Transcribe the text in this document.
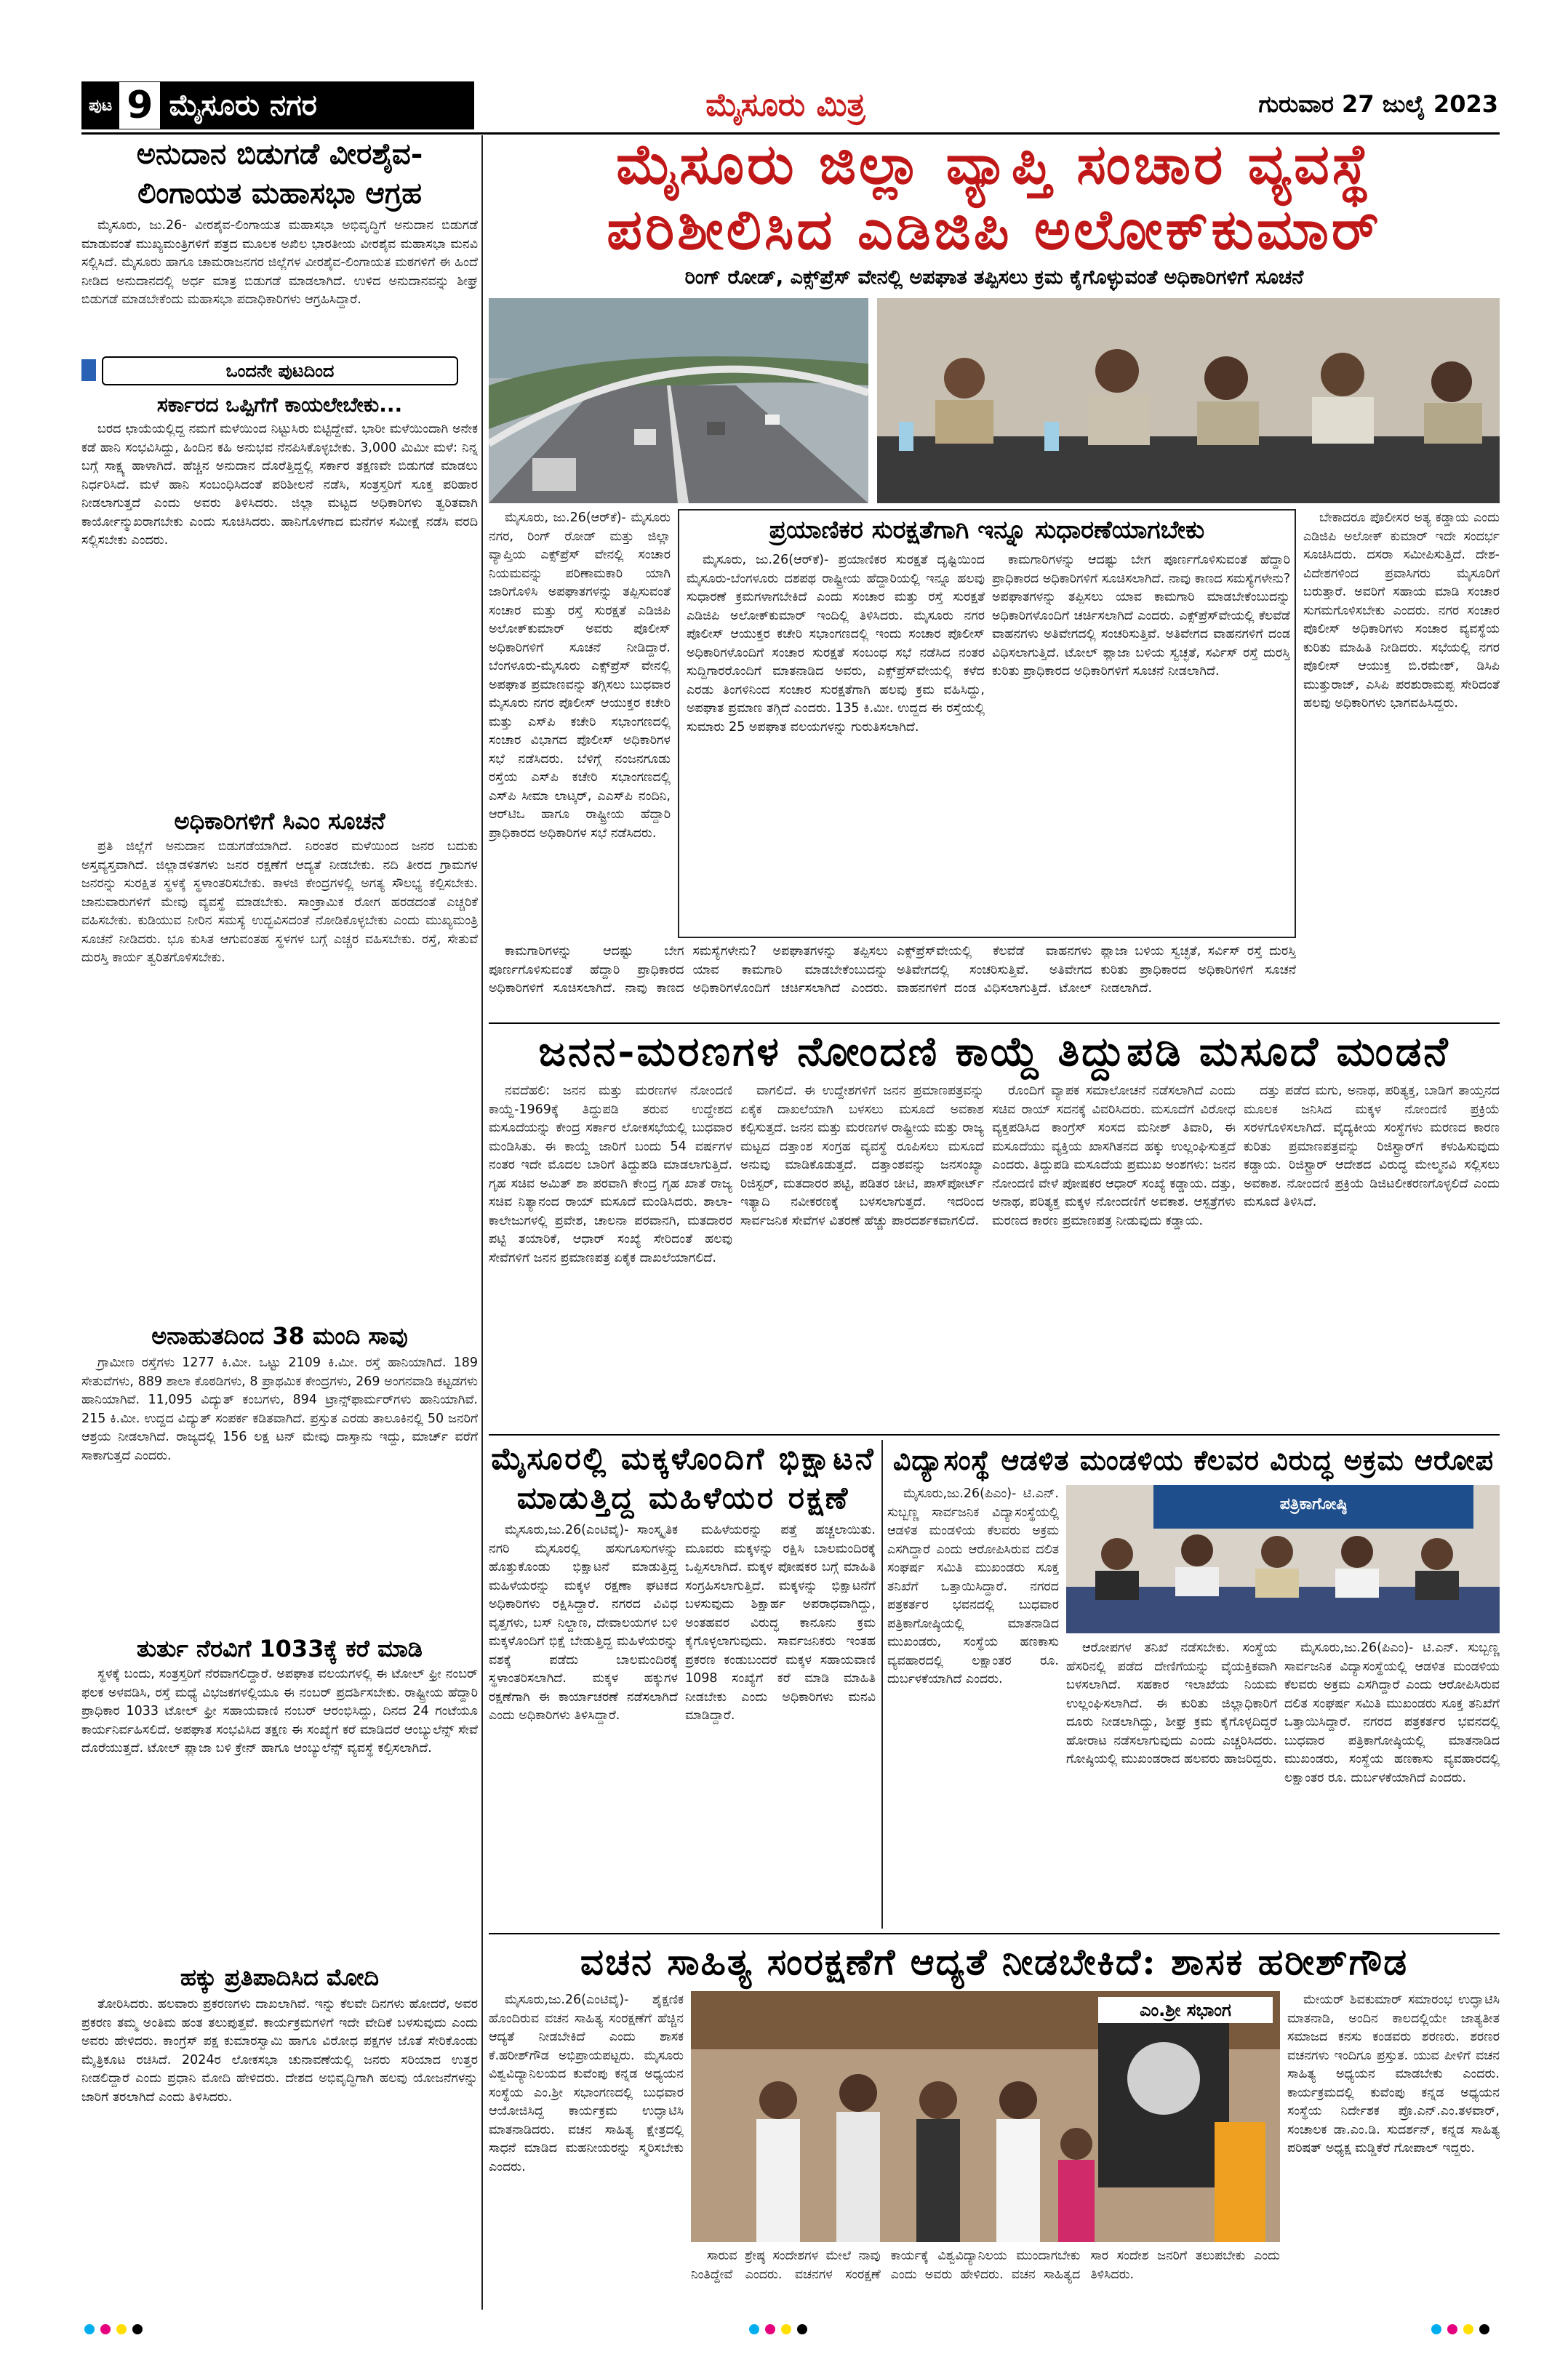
ಪುಟ 9 ಮೈಸೂರು ನಗರ	ಮೈಸೂರು ಮಿತ್ರ	ಗುರುವಾರ 27 ಜುಲೈ 2023
ಅನುದಾನ ಬಿಡುಗಡೆ ವೀರಶೈವ-
ಲಿಂಗಾಯತ ಮಹಾಸಭಾ ಆಗ್ರಹ

ಮೈಸೂರು, ಜು.26- ವೀರಶೈವ-ಲಿಂಗಾಯತ ಮಹಾಸಭಾ ಅಭಿವೃದ್ಧಿಗೆ ಅನುದಾನ ಬಿಡುಗಡೆ ಮಾಡುವಂತೆ ಮುಖ್ಯಮಂತ್ರಿಗಳಿಗೆ ಪತ್ರದ ಮೂಲಕ ಅಖಿಲ ಭಾರತೀಯ ವೀರಶೈವ ಮಹಾಸಭಾ ಮನವಿ ಸಲ್ಲಿಸಿದೆ. ಮೈಸೂರು ಹಾಗೂ ಚಾಮರಾಜನಗರ ಜಿಲ್ಲೆಗಳ ವೀರಶೈವ-ಲಿಂಗಾಯತ ಮಠಗಳಿಗೆ ಈ ಹಿಂದೆ ನೀಡಿದ ಅನುದಾನದಲ್ಲಿ ಅರ್ಧ ಮಾತ್ರ ಬಿಡುಗಡೆ ಮಾಡಲಾಗಿದೆ. ಉಳಿದ ಅನುದಾನವನ್ನು ಶೀಘ್ರ ಬಿಡುಗಡೆ ಮಾಡಬೇಕೆಂದು ಮಹಾಸಭಾ ಪದಾಧಿಕಾರಿಗಳು ಆಗ್ರಹಿಸಿದ್ದಾರೆ.

ಒಂದನೇ ಪುಟದಿಂದ
ಸರ್ಕಾರದ ಒಪ್ಪಿಗೆಗೆ ಕಾಯಲೇಬೇಕು...

ಬರದ ಛಾಯೆಯಲ್ಲಿದ್ದ ನಮಗೆ ಮಳೆಯಿಂದ ನಿಟ್ಟುಸಿರು ಬಿಟ್ಟಿದ್ದೇವೆ. ಭಾರೀ ಮಳೆಯಿಂದಾಗಿ ಅನೇಕ ಕಡೆ ಹಾನಿ ಸಂಭವಿಸಿದ್ದು, ಹಿಂದಿನ ಕಹಿ ಅನುಭವ ನೆನಪಿಸಿಕೊಳ್ಳಬೇಕು. 3,000 ಮಿಮೀ ಮಳೆ: ನಿನ್ನ ಬಗ್ಗೆ ಸಾಕ್ಷ್ಯ ಹಾಳಾಗಿದೆ. ಹೆಚ್ಚಿನ ಅನುದಾನ ದೊರೆತ್ತಿದ್ದಲ್ಲಿ ಸರ್ಕಾರ ತಕ್ಷಣವೇ ಬಿಡುಗಡೆ ಮಾಡಲು ನಿರ್ಧರಿಸಿದೆ. ಮಳೆ ಹಾನಿ ಸಂಬಂಧಿಸಿದಂತೆ ಪರಿಶೀಲನೆ ನಡೆಸಿ, ಸಂತ್ರಸ್ತರಿಗೆ ಸೂಕ್ತ ಪರಿಹಾರ ನೀಡಲಾಗುತ್ತದೆ ಎಂದು ಅವರು ತಿಳಿಸಿದರು. ಜಿಲ್ಲಾ ಮಟ್ಟದ ಅಧಿಕಾರಿಗಳು ತ್ವರಿತವಾಗಿ ಕಾರ್ಯೋನ್ಮುಖರಾಗಬೇಕು ಎಂದು ಸೂಚಿಸಿದರು. ಹಾನಿಗೊಳಗಾದ ಮನೆಗಳ ಸಮೀಕ್ಷೆ ನಡೆಸಿ ವರದಿ ಸಲ್ಲಿಸಬೇಕು ಎಂದರು.

ಅಧಿಕಾರಿಗಳಿಗೆ ಸಿಎಂ ಸೂಚನೆ

ಪ್ರತಿ ಜಿಲ್ಲೆಗೆ ಅನುದಾನ ಬಿಡುಗಡೆಯಾಗಿದೆ. ನಿರಂತರ ಮಳೆಯಿಂದ ಜನರ ಬದುಕು ಅಸ್ತವ್ಯಸ್ತವಾಗಿದೆ. ಜಿಲ್ಲಾಡಳಿತಗಳು ಜನರ ರಕ್ಷಣೆಗೆ ಆದ್ಯತೆ ನೀಡಬೇಕು. ನದಿ ತೀರದ ಗ್ರಾಮಗಳ ಜನರನ್ನು ಸುರಕ್ಷಿತ ಸ್ಥಳಕ್ಕೆ ಸ್ಥಳಾಂತರಿಸಬೇಕು. ಕಾಳಜಿ ಕೇಂದ್ರಗಳಲ್ಲಿ ಅಗತ್ಯ ಸೌಲಭ್ಯ ಕಲ್ಪಿಸಬೇಕು. ಜಾನುವಾರುಗಳಿಗೆ ಮೇವು ವ್ಯವಸ್ಥೆ ಮಾಡಬೇಕು. ಸಾಂಕ್ರಾಮಿಕ ರೋಗ ಹರಡದಂತೆ ಎಚ್ಚರಿಕೆ ವಹಿಸಬೇಕು. ಕುಡಿಯುವ ನೀರಿನ ಸಮಸ್ಯೆ ಉದ್ಭವಿಸದಂತೆ ನೋಡಿಕೊಳ್ಳಬೇಕು ಎಂದು ಮುಖ್ಯಮಂತ್ರಿ ಸೂಚನೆ ನೀಡಿದರು. ಭೂ ಕುಸಿತ ಆಗುವಂತಹ ಸ್ಥಳಗಳ ಬಗ್ಗೆ ಎಚ್ಚರ ವಹಿಸಬೇಕು. ರಸ್ತೆ, ಸೇತುವೆ ದುರಸ್ತಿ ಕಾರ್ಯ ತ್ವರಿತಗೊಳಿಸಬೇಕು.

ಅನಾಹುತದಿಂದ 38 ಮಂದಿ ಸಾವು

ಗ್ರಾಮೀಣ ರಸ್ತೆಗಳು 1277 ಕಿ.ಮೀ. ಒಟ್ಟು 2109 ಕಿ.ಮೀ. ರಸ್ತೆ ಹಾನಿಯಾಗಿದೆ. 189 ಸೇತುವೆಗಳು, 889 ಶಾಲಾ ಕೊಠಡಿಗಳು, 8 ಪ್ರಾಥಮಿಕ ಕೇಂದ್ರಗಳು, 269 ಅಂಗನವಾಡಿ ಕಟ್ಟಡಗಳು ಹಾನಿಯಾಗಿವೆ. 11,095 ವಿದ್ಯುತ್ ಕಂಬಗಳು, 894 ಟ್ರಾನ್ಸ್‌ಫಾರ್ಮರ್‌ಗಳು ಹಾನಿಯಾಗಿವೆ. 215 ಕಿ.ಮೀ. ಉದ್ದದ ವಿದ್ಯುತ್ ಸಂಪರ್ಕ ಕಡಿತವಾಗಿದೆ. ಪ್ರಸ್ತುತ ಎರಡು ತಾಲೂಕಿನಲ್ಲಿ 50 ಜನರಿಗೆ ಆಶ್ರಯ ನೀಡಲಾಗಿದೆ. ರಾಜ್ಯದಲ್ಲಿ 156 ಲಕ್ಷ ಟನ್ ಮೇವು ದಾಸ್ತಾನು ಇದ್ದು, ಮಾರ್ಚ್ ವರೆಗೆ ಸಾಕಾಗುತ್ತದೆ ಎಂದರು.

ತುರ್ತು ನೆರವಿಗೆ 1033ಕ್ಕೆ ಕರೆ ಮಾಡಿ

ಸ್ಥಳಕ್ಕೆ ಬಂದು, ಸಂತ್ರಸ್ತರಿಗೆ ನೆರವಾಗಲಿದ್ದಾರೆ. ಅಪಘಾತ ವಲಯಗಳಲ್ಲಿ ಈ ಟೋಲ್ ಫ್ರೀ ನಂಬರ್ ಫಲಕ ಅಳವಡಿಸಿ, ರಸ್ತೆ ಮಧ್ಯೆ ವಿಭಜಕಗಳಲ್ಲಿಯೂ ಈ ನಂಬರ್ ಪ್ರದರ್ಶಿಸಬೇಕು. ರಾಷ್ಟ್ರೀಯ ಹೆದ್ದಾರಿ ಪ್ರಾಧಿಕಾರ 1033 ಟೋಲ್ ಫ್ರೀ ಸಹಾಯವಾಣಿ ನಂಬರ್ ಆರಂಭಿಸಿದ್ದು, ದಿನದ 24 ಗಂಟೆಯೂ ಕಾರ್ಯನಿರ್ವಹಿಸಲಿದೆ. ಅಪಘಾತ ಸಂಭವಿಸಿದ ತಕ್ಷಣ ಈ ಸಂಖ್ಯೆಗೆ ಕರೆ ಮಾಡಿದರೆ ಆಂಬ್ಯುಲೆನ್ಸ್ ಸೇವೆ ದೊರೆಯುತ್ತದೆ. ಟೋಲ್ ಪ್ಲಾಜಾ ಬಳಿ ಕ್ರೇನ್ ಹಾಗೂ ಆಂಬ್ಯುಲೆನ್ಸ್ ವ್ಯವಸ್ಥೆ ಕಲ್ಪಿಸಲಾಗಿದೆ.

ಹಕ್ಕು ಪ್ರತಿಪಾದಿಸಿದ ಮೋದಿ

ತೋರಿಸಿದರು. ಹಲವಾರು ಪ್ರಕರಣಗಳು ದಾಖಲಾಗಿವೆ. ಇನ್ನು ಕೆಲವೇ ದಿನಗಳು ಹೋದರೆ, ಅವರ ಪ್ರಕರಣ ತಮ್ಮ ಅಂತಿಮ ಹಂತ ತಲುಪುತ್ತವೆ. ಕಾರ್ಯಕ್ರಮಗಳಿಗೆ ಇದೇ ವೇದಿಕೆ ಬಳಸುವುದು ಎಂದು ಅವರು ಹೇಳಿದರು. ಕಾಂಗ್ರೆಸ್ ಪಕ್ಷ ಕುಮಾರಸ್ವಾಮಿ ಹಾಗೂ ವಿರೋಧ ಪಕ್ಷಗಳ ಜೊತೆ ಸೇರಿಕೊಂಡು ಮೈತ್ರಿಕೂಟ ರಚಿಸಿದೆ. 2024ರ ಲೋಕಸಭಾ ಚುನಾವಣೆಯಲ್ಲಿ ಜನರು ಸರಿಯಾದ ಉತ್ತರ ನೀಡಲಿದ್ದಾರೆ ಎಂದು ಪ್ರಧಾನಿ ಮೋದಿ ಹೇಳಿದರು. ದೇಶದ ಅಭಿವೃದ್ಧಿಗಾಗಿ ಹಲವು ಯೋಜನೆಗಳನ್ನು ಜಾರಿಗೆ ತರಲಾಗಿದೆ ಎಂದು ತಿಳಿಸಿದರು.

ಮೈಸೂರು ಜಿಲ್ಲಾ ವ್ಯಾಪ್ತಿ ಸಂಚಾರ ವ್ಯವಸ್ಥೆ
ಪರಿಶೀಲಿಸಿದ ಎಡಿಜಿಪಿ ಅಲೋಕ್‌ಕುಮಾರ್
ರಿಂಗ್ ರೋಡ್, ಎಕ್ಸ್‌ಪ್ರೆಸ್ ವೇನಲ್ಲಿ ಅಪಘಾತ ತಪ್ಪಿಸಲು ಕ್ರಮ ಕೈಗೊಳ್ಳುವಂತೆ ಅಧಿಕಾರಿಗಳಿಗೆ ಸೂಚನೆ

ಮೈಸೂರು, ಜು.26(ಆರ್‌ಕೆ)- ಮೈಸೂರು ನಗರ, ರಿಂಗ್ ರೋಡ್ ಮತ್ತು ಜಿಲ್ಲಾ ವ್ಯಾಪ್ತಿಯ ಎಕ್ಸ್‌ಪ್ರೆಸ್ ವೇನಲ್ಲಿ ಸಂಚಾರ ನಿಯಮವನ್ನು ಪರಿಣಾಮಕಾರಿ ಯಾಗಿ ಜಾರಿಗೊಳಿಸಿ ಅಪಘಾತಗಳನ್ನು ತಪ್ಪಿಸುವಂತೆ ಸಂಚಾರ ಮತ್ತು ರಸ್ತೆ ಸುರಕ್ಷತೆ ಎಡಿಜಿಪಿ ಅಲೋಕ್‌ಕುಮಾರ್ ಅವರು ಪೊಲೀಸ್ ಅಧಿಕಾರಿಗಳಿಗೆ ಸೂಚನೆ ನೀಡಿದ್ದಾರೆ. ಬೆಂಗಳೂರು-ಮೈಸೂರು ಎಕ್ಸ್‌ಪ್ರೆಸ್ ವೇನಲ್ಲಿ ಅಪಘಾತ ಪ್ರಮಾಣವನ್ನು ತಗ್ಗಿಸಲು ಬುಧವಾರ ಮೈಸೂರು ನಗರ ಪೊಲೀಸ್ ಆಯುಕ್ತರ ಕಚೇರಿ ಮತ್ತು ಎಸ್‌ಪಿ ಕಚೇರಿ ಸಭಾಂಗಣದಲ್ಲಿ ಸಂಚಾರ ವಿಭಾಗದ ಪೊಲೀಸ್ ಅಧಿಕಾರಿಗಳ ಸಭೆ ನಡೆಸಿದರು. ಬೆಳಿಗ್ಗೆ ನಂಜನಗೂಡು ರಸ್ತೆಯ ಎಸ್‌ಪಿ ಕಚೇರಿ ಸಭಾಂಗಣದಲ್ಲಿ ಎಸ್‌ಪಿ ಸೀಮಾ ಲಾಟ್ಕರ್, ಎಎಸ್‌ಪಿ ನಂದಿನಿ, ಆರ್‌ಟಿಒ ಹಾಗೂ ರಾಷ್ಟ್ರೀಯ ಹೆದ್ದಾರಿ ಪ್ರಾಧಿಕಾರದ ಅಧಿಕಾರಿಗಳ ಸಭೆ ನಡೆಸಿದರು.

ಪ್ರಯಾಣಿಕರ ಸುರಕ್ಷತೆಗಾಗಿ ಇನ್ನೂ ಸುಧಾರಣೆಯಾಗಬೇಕು

ಮೈಸೂರು, ಜು.26(ಆರ್‌ಕೆ)- ಪ್ರಯಾಣಿಕರ ಸುರಕ್ಷತೆ ದೃಷ್ಟಿಯಿಂದ ಮೈಸೂರು-ಬೆಂಗಳೂರು ದಶಪಥ ರಾಷ್ಟ್ರೀಯ ಹೆದ್ದಾರಿಯಲ್ಲಿ ಇನ್ನೂ ಹಲವು ಸುಧಾರಣೆ ಕ್ರಮಗಳಾಗಬೇಕಿದೆ ಎಂದು ಸಂಚಾರ ಮತ್ತು ರಸ್ತೆ ಸುರಕ್ಷತೆ ಎಡಿಜಿಪಿ ಅಲೋಕ್‌ಕುಮಾರ್ ಇಂದಿಲ್ಲಿ ತಿಳಿಸಿದರು. ಮೈಸೂರು ನಗರ ಪೊಲೀಸ್ ಆಯುಕ್ತರ ಕಚೇರಿ ಸಭಾಂಗಣದಲ್ಲಿ ಇಂದು ಸಂಚಾರ ಪೊಲೀಸ್ ಅಧಿಕಾರಿಗಳೊಂದಿಗೆ ಸಂಚಾರ ಸುರಕ್ಷತೆ ಸಂಬಂಧ ಸಭೆ ನಡೆಸಿದ ನಂತರ ಸುದ್ದಿಗಾರರೊಂದಿಗೆ ಮಾತನಾಡಿದ ಅವರು, ಎಕ್ಸ್‌ಪ್ರೆಸ್‌ವೇಯಲ್ಲಿ ಕಳೆದ ಎರಡು ತಿಂಗಳಿನಿಂದ ಸಂಚಾರ ಸುರಕ್ಷತೆಗಾಗಿ ಹಲವು ಕ್ರಮ ವಹಿಸಿದ್ದು, ಅಪಘಾತ ಪ್ರಮಾಣ ತಗ್ಗಿದೆ ಎಂದರು. 135 ಕಿ.ಮೀ. ಉದ್ದದ ಈ ರಸ್ತೆಯಲ್ಲಿ ಸುಮಾರು 25 ಅಪಘಾತ ವಲಯಗಳನ್ನು ಗುರುತಿಸಲಾಗಿದೆ.

ಕಾಮಗಾರಿಗಳನ್ನು ಆದಷ್ಟು ಬೇಗ ಪೂರ್ಣಗೊಳಿಸುವಂತೆ ಹೆದ್ದಾರಿ ಪ್ರಾಧಿಕಾರದ ಅಧಿಕಾರಿಗಳಿಗೆ ಸೂಚಿಸಲಾಗಿದೆ. ನಾವು ಕಾಣದ ಸಮಸ್ಯೆಗಳೇನು? ಅಪಘಾತಗಳನ್ನು ತಪ್ಪಿಸಲು ಯಾವ ಕಾಮಗಾರಿ ಮಾಡಬೇಕೆಂಬುದನ್ನು ಅಧಿಕಾರಿಗಳೊಂದಿಗೆ ಚರ್ಚಿಸಲಾಗಿದೆ ಎಂದರು. ಎಕ್ಸ್‌ಪ್ರೆಸ್‌ವೇಯಲ್ಲಿ ಕೆಲವೆಡೆ ವಾಹನಗಳು ಅತಿವೇಗದಲ್ಲಿ ಸಂಚರಿಸುತ್ತಿವೆ. ಅತಿವೇಗದ ವಾಹನಗಳಿಗೆ ದಂಡ ವಿಧಿಸಲಾಗುತ್ತಿದೆ. ಟೋಲ್ ಪ್ಲಾಜಾ ಬಳಿಯ ಸ್ವಚ್ಛತೆ, ಸರ್ವಿಸ್ ರಸ್ತೆ ದುರಸ್ತಿ ಕುರಿತು ಪ್ರಾಧಿಕಾರದ ಅಧಿಕಾರಿಗಳಿಗೆ ಸೂಚನೆ ನೀಡಲಾಗಿದೆ.

ಬೇಕಾದರೂ ಪೊಲೀಸರ ಅತ್ಯ ಕಡ್ಡಾಯ ಎಂದು ಎಡಿಜಿಪಿ ಅಲೋಕ್ ಕುಮಾರ್ ಇದೇ ಸಂದರ್ಭ ಸೂಚಿಸಿದರು. ದಸರಾ ಸಮೀಪಿಸುತ್ತಿದೆ. ದೇಶ-ವಿದೇಶಗಳಿಂದ ಪ್ರವಾಸಿಗರು ಮೈಸೂರಿಗೆ ಬರುತ್ತಾರೆ. ಅವರಿಗೆ ಸಹಾಯ ಮಾಡಿ ಸಂಚಾರ ಸುಗಮಗೊಳಿಸಬೇಕು ಎಂದರು. ನಗರ ಸಂಚಾರ ಪೊಲೀಸ್ ಅಧಿಕಾರಿಗಳು ಸಂಚಾರ ವ್ಯವಸ್ಥೆಯ ಕುರಿತು ಮಾಹಿತಿ ನೀಡಿದರು. ಸಭೆಯಲ್ಲಿ ನಗರ ಪೊಲೀಸ್ ಆಯುಕ್ತ ಬಿ.ರಮೇಶ್, ಡಿಸಿಪಿ ಮುತ್ತುರಾಜ್, ಎಸಿಪಿ ಪರಶುರಾಮಪ್ಪ ಸೇರಿದಂತೆ ಹಲವು ಅಧಿಕಾರಿಗಳು ಭಾಗವಹಿಸಿದ್ದರು.

ಕಾಮಗಾರಿಗಳನ್ನು ಆದಷ್ಟು ಬೇಗ ಪೂರ್ಣಗೊಳಿಸುವಂತೆ ಹೆದ್ದಾರಿ ಪ್ರಾಧಿಕಾರದ ಅಧಿಕಾರಿಗಳಿಗೆ ಸೂಚಿಸಲಾಗಿದೆ. ನಾವು ಕಾಣದ ಸಮಸ್ಯೆಗಳೇನು? ಅಪಘಾತಗಳನ್ನು ತಪ್ಪಿಸಲು ಯಾವ ಕಾಮಗಾರಿ ಮಾಡಬೇಕೆಂಬುದನ್ನು ಅಧಿಕಾರಿಗಳೊಂದಿಗೆ ಚರ್ಚಿಸಲಾಗಿದೆ ಎಂದರು. ಎಕ್ಸ್‌ಪ್ರೆಸ್‌ವೇಯಲ್ಲಿ ಕೆಲವೆಡೆ ವಾಹನಗಳು ಅತಿವೇಗದಲ್ಲಿ ಸಂಚರಿಸುತ್ತಿವೆ. ಅತಿವೇಗದ ವಾಹನಗಳಿಗೆ ದಂಡ ವಿಧಿಸಲಾಗುತ್ತಿದೆ. ಟೋಲ್ ಪ್ಲಾಜಾ ಬಳಿಯ ಸ್ವಚ್ಛತೆ, ಸರ್ವಿಸ್ ರಸ್ತೆ ದುರಸ್ತಿ ಕುರಿತು ಪ್ರಾಧಿಕಾರದ ಅಧಿಕಾರಿಗಳಿಗೆ ಸೂಚನೆ ನೀಡಲಾಗಿದೆ.

ಜನನ-ಮರಣಗಳ ನೋಂದಣಿ ಕಾಯ್ದೆ ತಿದ್ದುಪಡಿ ಮಸೂದೆ ಮಂಡನೆ

ನವದೆಹಲಿ: ಜನನ ಮತ್ತು ಮರಣಗಳ ನೋಂದಣಿ ಕಾಯ್ದೆ-1969ಕ್ಕೆ ತಿದ್ದುಪಡಿ ತರುವ ಉದ್ದೇಶದ ಮಸೂದೆಯನ್ನು ಕೇಂದ್ರ ಸರ್ಕಾರ ಲೋಕಸಭೆಯಲ್ಲಿ ಬುಧವಾರ ಮಂಡಿಸಿತು. ಈ ಕಾಯ್ದೆ ಜಾರಿಗೆ ಬಂದು 54 ವರ್ಷಗಳ ನಂತರ ಇದೇ ಮೊದಲ ಬಾರಿಗೆ ತಿದ್ದುಪಡಿ ಮಾಡಲಾಗುತ್ತಿದೆ. ಗೃಹ ಸಚಿವ ಅಮಿತ್ ಶಾ ಪರವಾಗಿ ಕೇಂದ್ರ ಗೃಹ ಖಾತೆ ರಾಜ್ಯ ಸಚಿವ ನಿತ್ಯಾನಂದ ರಾಯ್ ಮಸೂದೆ ಮಂಡಿಸಿದರು. ಶಾಲಾ-ಕಾಲೇಜುಗಳಲ್ಲಿ ಪ್ರವೇಶ, ಚಾಲನಾ ಪರವಾನಗಿ, ಮತದಾರರ ಪಟ್ಟಿ ತಯಾರಿಕೆ, ಆಧಾರ್ ಸಂಖ್ಯೆ ಸೇರಿದಂತೆ ಹಲವು ಸೇವೆಗಳಿಗೆ ಜನನ ಪ್ರಮಾಣಪತ್ರ ಏಕೈಕ ದಾಖಲೆಯಾಗಲಿದೆ.

ವಾಗಲಿದೆ. ಈ ಉದ್ದೇಶಗಳಿಗೆ ಜನನ ಪ್ರಮಾಣಪತ್ರವನ್ನು ಏಕೈಕ ದಾಖಲೆಯಾಗಿ ಬಳಸಲು ಮಸೂದೆ ಅವಕಾಶ ಕಲ್ಪಿಸುತ್ತದೆ. ಜನನ ಮತ್ತು ಮರಣಗಳ ರಾಷ್ಟ್ರೀಯ ಮತ್ತು ರಾಜ್ಯ ಮಟ್ಟದ ದತ್ತಾಂಶ ಸಂಗ್ರಹ ವ್ಯವಸ್ಥೆ ರೂಪಿಸಲು ಮಸೂದೆ ಅನುವು ಮಾಡಿಕೊಡುತ್ತದೆ. ದತ್ತಾಂಶವನ್ನು ಜನಸಂಖ್ಯಾ ರಿಜಿಸ್ಟರ್, ಮತದಾರರ ಪಟ್ಟಿ, ಪಡಿತರ ಚೀಟಿ, ಪಾಸ್‌ಪೋರ್ಟ್ ಇತ್ಯಾದಿ ನವೀಕರಣಕ್ಕೆ ಬಳಸಲಾಗುತ್ತದೆ. ಇದರಿಂದ ಸಾರ್ವಜನಿಕ ಸೇವೆಗಳ ವಿತರಣೆ ಹೆಚ್ಚು ಪಾರದರ್ಶಕವಾಗಲಿದೆ.

ರೊಂದಿಗೆ ವ್ಯಾಪಕ ಸಮಾಲೋಚನೆ ನಡೆಸಲಾಗಿದೆ ಎಂದು ಸಚಿವ ರಾಯ್ ಸದನಕ್ಕೆ ವಿವರಿಸಿದರು. ಮಸೂದೆಗೆ ವಿರೋಧ ವ್ಯಕ್ತಪಡಿಸಿದ ಕಾಂಗ್ರೆಸ್ ಸಂಸದ ಮನೀಶ್ ತಿವಾರಿ, ಈ ಮಸೂದೆಯು ವ್ಯಕ್ತಿಯ ಖಾಸಗಿತನದ ಹಕ್ಕು ಉಲ್ಲಂಘಿಸುತ್ತದೆ ಎಂದರು. ತಿದ್ದುಪಡಿ ಮಸೂದೆಯ ಪ್ರಮುಖ ಅಂಶಗಳು: ಜನನ ನೋಂದಣಿ ವೇಳೆ ಪೋಷಕರ ಆಧಾರ್ ಸಂಖ್ಯೆ ಕಡ್ಡಾಯ. ದತ್ತು, ಅನಾಥ, ಪರಿತ್ಯಕ್ತ ಮಕ್ಕಳ ನೋಂದಣಿಗೆ ಅವಕಾಶ. ಆಸ್ಪತ್ರೆಗಳು ಮರಣದ ಕಾರಣ ಪ್ರಮಾಣಪತ್ರ ನೀಡುವುದು ಕಡ್ಡಾಯ.

ದತ್ತು ಪಡೆದ ಮಗು, ಅನಾಥ, ಪರಿತ್ಯಕ್ತ, ಬಾಡಿಗೆ ತಾಯ್ತನದ ಮೂಲಕ ಜನಿಸಿದ ಮಕ್ಕಳ ನೋಂದಣಿ ಪ್ರಕ್ರಿಯೆ ಸರಳಗೊಳಿಸಲಾಗಿದೆ. ವೈದ್ಯಕೀಯ ಸಂಸ್ಥೆಗಳು ಮರಣದ ಕಾರಣ ಕುರಿತು ಪ್ರಮಾಣಪತ್ರವನ್ನು ರಿಜಿಸ್ಟ್ರಾರ್‌ಗೆ ಕಳುಹಿಸುವುದು ಕಡ್ಡಾಯ. ರಿಜಿಸ್ಟ್ರಾರ್ ಆದೇಶದ ವಿರುದ್ಧ ಮೇಲ್ಮನವಿ ಸಲ್ಲಿಸಲು ಅವಕಾಶ. ನೋಂದಣಿ ಪ್ರಕ್ರಿಯೆ ಡಿಜಿಟಲೀಕರಣಗೊಳ್ಳಲಿದೆ ಎಂದು ಮಸೂದೆ ತಿಳಿಸಿದೆ.

ಮೈಸೂರಲ್ಲಿ ಮಕ್ಕಳೊಂದಿಗೆ ಭಿಕ್ಷಾಟನೆ
ಮಾಡುತ್ತಿದ್ದ ಮಹಿಳೆಯರ ರಕ್ಷಣೆ

ಮೈಸೂರು,ಜು.26(ಎಂಟಿವೈ)- ಸಾಂಸ್ಕೃತಿಕ ನಗರಿ ಮೈಸೂರಲ್ಲಿ ಹಸುಗೂಸುಗಳನ್ನು ಹೊತ್ತುಕೊಂಡು ಭಿಕ್ಷಾಟನೆ ಮಾಡುತ್ತಿದ್ದ ಮಹಿಳೆಯರನ್ನು ಮಕ್ಕಳ ರಕ್ಷಣಾ ಘಟಕದ ಅಧಿಕಾರಿಗಳು ರಕ್ಷಿಸಿದ್ದಾರೆ. ನಗರದ ವಿವಿಧ ವೃತ್ತಗಳು, ಬಸ್ ನಿಲ್ದಾಣ, ದೇವಾಲಯಗಳ ಬಳಿ ಮಕ್ಕಳೊಂದಿಗೆ ಭಿಕ್ಷೆ ಬೇಡುತ್ತಿದ್ದ ಮಹಿಳೆಯರನ್ನು ವಶಕ್ಕೆ ಪಡೆದು ಬಾಲಮಂದಿರಕ್ಕೆ ಸ್ಥಳಾಂತರಿಸಲಾಗಿದೆ. ಮಕ್ಕಳ ಹಕ್ಕುಗಳ ರಕ್ಷಣೆಗಾಗಿ ಈ ಕಾರ್ಯಾಚರಣೆ ನಡೆಸಲಾಗಿದೆ ಎಂದು ಅಧಿಕಾರಿಗಳು ತಿಳಿಸಿದ್ದಾರೆ.

ಮಹಿಳೆಯರನ್ನು ಪತ್ತೆ ಹಚ್ಚಲಾಯಿತು. ಮೂವರು ಮಕ್ಕಳನ್ನು ರಕ್ಷಿಸಿ ಬಾಲಮಂದಿರಕ್ಕೆ ಒಪ್ಪಿಸಲಾಗಿದೆ. ಮಕ್ಕಳ ಪೋಷಕರ ಬಗ್ಗೆ ಮಾಹಿತಿ ಸಂಗ್ರಹಿಸಲಾಗುತ್ತಿದೆ. ಮಕ್ಕಳನ್ನು ಭಿಕ್ಷಾಟನೆಗೆ ಬಳಸುವುದು ಶಿಕ್ಷಾರ್ಹ ಅಪರಾಧವಾಗಿದ್ದು, ಅಂತಹವರ ವಿರುದ್ಧ ಕಾನೂನು ಕ್ರಮ ಕೈಗೊಳ್ಳಲಾಗುವುದು. ಸಾರ್ವಜನಿಕರು ಇಂತಹ ಪ್ರಕರಣ ಕಂಡುಬಂದರೆ ಮಕ್ಕಳ ಸಹಾಯವಾಣಿ 1098 ಸಂಖ್ಯೆಗೆ ಕರೆ ಮಾಡಿ ಮಾಹಿತಿ ನೀಡಬೇಕು ಎಂದು ಅಧಿಕಾರಿಗಳು ಮನವಿ ಮಾಡಿದ್ದಾರೆ.

ವಿದ್ಯಾಸಂಸ್ಥೆ ಆಡಳಿತ ಮಂಡಳಿಯ ಕೆಲವರ ವಿರುದ್ಧ ಅಕ್ರಮ ಆರೋಪ

ಮೈಸೂರು,ಜು.26(ಪಿಎಂ)- ಟಿ.ಎನ್. ಸುಬ್ಬಣ್ಣ ಸಾರ್ವಜನಿಕ ವಿದ್ಯಾಸಂಸ್ಥೆಯಲ್ಲಿ ಆಡಳಿತ ಮಂಡಳಿಯ ಕೆಲವರು ಅಕ್ರಮ ಎಸಗಿದ್ದಾರೆ ಎಂದು ಆರೋಪಿಸಿರುವ ದಲಿತ ಸಂಘರ್ಷ ಸಮಿತಿ ಮುಖಂಡರು ಸೂಕ್ತ ತನಿಖೆಗೆ ಒತ್ತಾಯಿಸಿದ್ದಾರೆ. ನಗರದ ಪತ್ರಕರ್ತರ ಭವನದಲ್ಲಿ ಬುಧವಾರ ಪತ್ರಿಕಾಗೋಷ್ಠಿಯಲ್ಲಿ ಮಾತನಾಡಿದ ಮುಖಂಡರು, ಸಂಸ್ಥೆಯ ಹಣಕಾಸು ವ್ಯವಹಾರದಲ್ಲಿ ಲಕ್ಷಾಂತರ ರೂ. ದುರ್ಬಳಕೆಯಾಗಿದೆ ಎಂದರು.

ಪತ್ರಿಕಾಗೋಷ್ಠಿ

ಆರೋಪಗಳ ತನಿಖೆ ನಡೆಸಬೇಕು. ಸಂಸ್ಥೆಯ ಹೆಸರಿನಲ್ಲಿ ಪಡೆದ ದೇಣಿಗೆಯನ್ನು ವೈಯಕ್ತಿಕವಾಗಿ ಬಳಸಲಾಗಿದೆ. ಸಹಕಾರ ಇಲಾಖೆಯ ನಿಯಮ ಉಲ್ಲಂಘಿಸಲಾಗಿದೆ. ಈ ಕುರಿತು ಜಿಲ್ಲಾಧಿಕಾರಿಗೆ ದೂರು ನೀಡಲಾಗಿದ್ದು, ಶೀಘ್ರ ಕ್ರಮ ಕೈಗೊಳ್ಳದಿದ್ದರೆ ಹೋರಾಟ ನಡೆಸಲಾಗುವುದು ಎಂದು ಎಚ್ಚರಿಸಿದರು. ಗೋಷ್ಠಿಯಲ್ಲಿ ಮುಖಂಡರಾದ ಹಲವರು ಹಾಜರಿದ್ದರು.

ಮೈಸೂರು,ಜು.26(ಪಿಎಂ)- ಟಿ.ಎನ್. ಸುಬ್ಬಣ್ಣ ಸಾರ್ವಜನಿಕ ವಿದ್ಯಾಸಂಸ್ಥೆಯಲ್ಲಿ ಆಡಳಿತ ಮಂಡಳಿಯ ಕೆಲವರು ಅಕ್ರಮ ಎಸಗಿದ್ದಾರೆ ಎಂದು ಆರೋಪಿಸಿರುವ ದಲಿತ ಸಂಘರ್ಷ ಸಮಿತಿ ಮುಖಂಡರು ಸೂಕ್ತ ತನಿಖೆಗೆ ಒತ್ತಾಯಿಸಿದ್ದಾರೆ. ನಗರದ ಪತ್ರಕರ್ತರ ಭವನದಲ್ಲಿ ಬುಧವಾರ ಪತ್ರಿಕಾಗೋಷ್ಠಿಯಲ್ಲಿ ಮಾತನಾಡಿದ ಮುಖಂಡರು, ಸಂಸ್ಥೆಯ ಹಣಕಾಸು ವ್ಯವಹಾರದಲ್ಲಿ ಲಕ್ಷಾಂತರ ರೂ. ದುರ್ಬಳಕೆಯಾಗಿದೆ ಎಂದರು.

ವಚನ ಸಾಹಿತ್ಯ ಸಂರಕ್ಷಣೆಗೆ ಆದ್ಯತೆ ನೀಡಬೇಕಿದೆ: ಶಾಸಕ ಹರೀಶ್‌ಗೌಡ

ಮೈಸೂರು,ಜು.26(ಎಂಟಿವೈ)- ಶೈಕ್ಷಣಿಕ ಹೊಂದಿರುವ ವಚನ ಸಾಹಿತ್ಯ ಸಂರಕ್ಷಣೆಗೆ ಹೆಚ್ಚಿನ ಆದ್ಯತೆ ನೀಡಬೇಕಿದೆ ಎಂದು ಶಾಸಕ ಕೆ.ಹರೀಶ್‌ಗೌಡ ಅಭಿಪ್ರಾಯಪಟ್ಟರು. ಮೈಸೂರು ವಿಶ್ವವಿದ್ಯಾನಿಲಯದ ಕುವೆಂಪು ಕನ್ನಡ ಅಧ್ಯಯನ ಸಂಸ್ಥೆಯ ಎಂ.ಶ್ರೀ ಸಭಾಂಗಣದಲ್ಲಿ ಬುಧವಾರ ಆಯೋಜಿಸಿದ್ದ ಕಾರ್ಯಕ್ರಮ ಉದ್ಘಾಟಿಸಿ ಮಾತನಾಡಿದರು. ವಚನ ಸಾಹಿತ್ಯ ಕ್ಷೇತ್ರದಲ್ಲಿ ಸಾಧನೆ ಮಾಡಿದ ಮಹನೀಯರನ್ನು ಸ್ಮರಿಸಬೇಕು ಎಂದರು.

ಎಂ.ಶ್ರೀ ಸಭಾಂಗ

ಸಾರುವ ಶ್ರೇಷ್ಠ ಸಂದೇಶಗಳ ಮೇಲೆ ನಾವು ನಿಂತಿದ್ದೇವೆ ಎಂದರು. ವಚನಗಳ ಸಂರಕ್ಷಣೆ ಕಾರ್ಯಕ್ಕೆ ವಿಶ್ವವಿದ್ಯಾನಿಲಯ ಮುಂದಾಗಬೇಕು ಎಂದು ಅವರು ಹೇಳಿದರು. ವಚನ ಸಾಹಿತ್ಯದ ಸಾರ ಸಂದೇಶ ಜನರಿಗೆ ತಲುಪಬೇಕು ಎಂದು ತಿಳಿಸಿದರು.

ಮೇಯರ್ ಶಿವಕುಮಾರ್ ಸಮಾರಂಭ ಉದ್ಘಾಟಿಸಿ ಮಾತನಾಡಿ, ಅಂದಿನ ಕಾಲದಲ್ಲಿಯೇ ಜಾತ್ಯತೀತ ಸಮಾಜದ ಕನಸು ಕಂಡವರು ಶರಣರು. ಶರಣರ ವಚನಗಳು ಇಂದಿಗೂ ಪ್ರಸ್ತುತ. ಯುವ ಪೀಳಿಗೆ ವಚನ ಸಾಹಿತ್ಯ ಅಧ್ಯಯನ ಮಾಡಬೇಕು ಎಂದರು. ಕಾರ್ಯಕ್ರಮದಲ್ಲಿ ಕುವೆಂಪು ಕನ್ನಡ ಅಧ್ಯಯನ ಸಂಸ್ಥೆಯ ನಿರ್ದೇಶಕ ಪ್ರೊ.ಎನ್.ಎಂ.ತಳವಾರ್, ಸಂಚಾಲಕ ಡಾ.ಎಂ.ಡಿ. ಸುದರ್ಶನ್, ಕನ್ನಡ ಸಾಹಿತ್ಯ ಪರಿಷತ್ ಅಧ್ಯಕ್ಷ ಮಡ್ಡಿಕೆರೆ ಗೋಪಾಲ್ ಇದ್ದರು.
